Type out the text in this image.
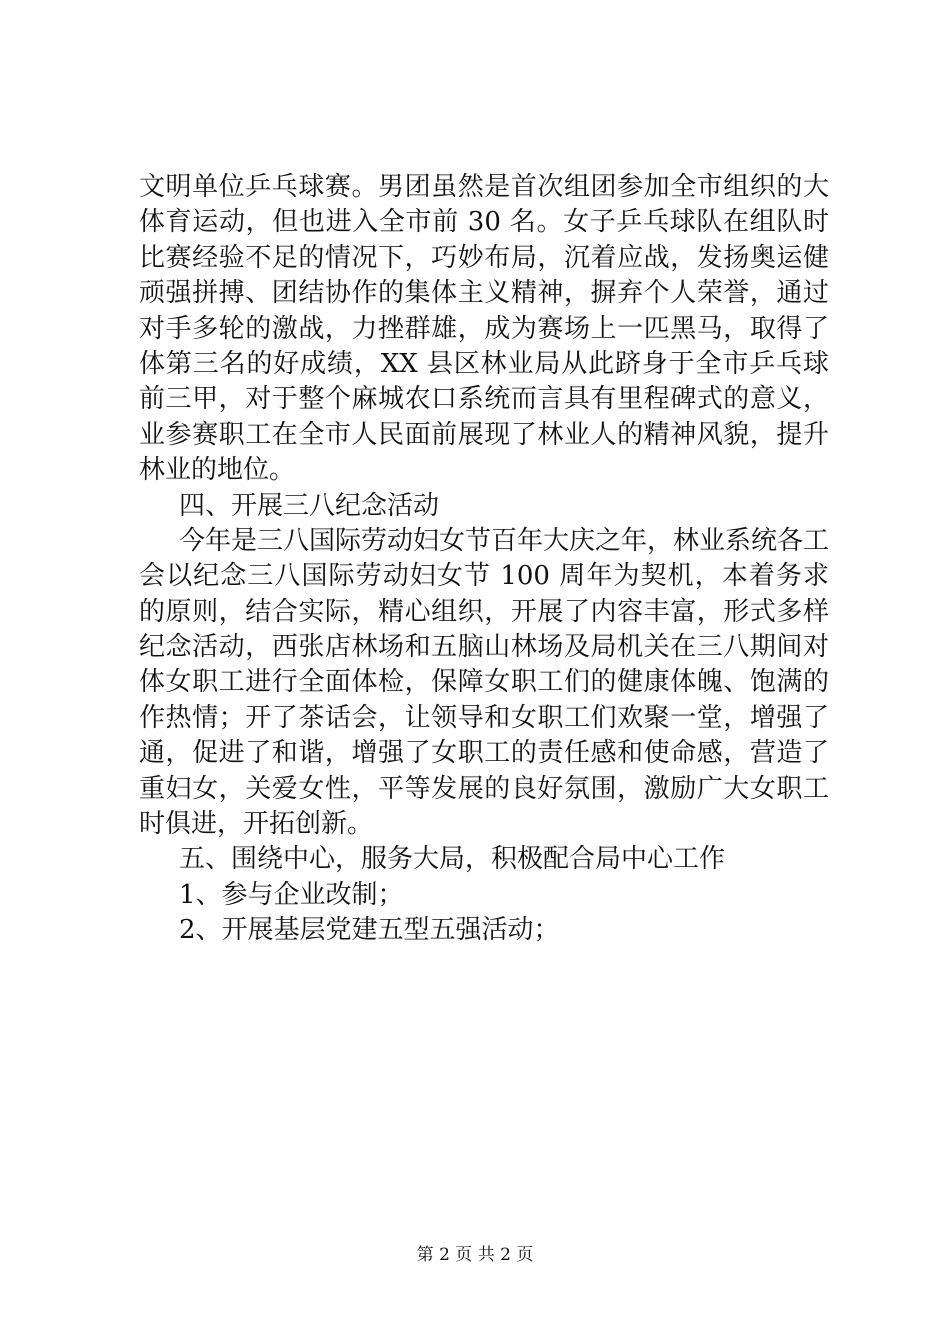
文明单位乒乓球赛。男团虽然是首次组团参加全市组织的大
体育运动，但也进入全市前 30 名。女子乒乓球队在组队时
比赛经验不足的情况下，巧妙布局，沉着应战，发扬奥运健
顽强拼搏、团结协作的集体主义精神，摒弃个人荣誉，通过
对手多轮的激战，力挫群雄，成为赛场上一匹黑马，取得了
体第三名的好成绩，XX 县区林业局从此跻身于全市乒乓球
前三甲，对于整个麻城农口系统而言具有里程碑式的意义，
业参赛职工在全市人民面前展现了林业人的精神风貌，提升
林业的地位。
四、开展三八纪念活动
今年是三八国际劳动妇女节百年大庆之年，林业系统各工
会以纪念三八国际劳动妇女节 100 周年为契机，本着务求
的原则，结合实际，精心组织，开展了内容丰富，形式多样
纪念活动，西张店林场和五脑山林场及局机关在三八期间对
体女职工进行全面体检，保障女职工们的健康体魄、饱满的
作热情；开了茶话会，让领导和女职工们欢聚一堂，增强了
通，促进了和谐，增强了女职工的责任感和使命感，营造了
重妇女，关爱女性，平等发展的良好氛围，激励广大女职工
时俱进，开拓创新。
五、围绕中心，服务大局，积极配合局中心工作
1、参与企业改制；
2、开展基层党建五型五强活动；
第 2 页 共 2 页
